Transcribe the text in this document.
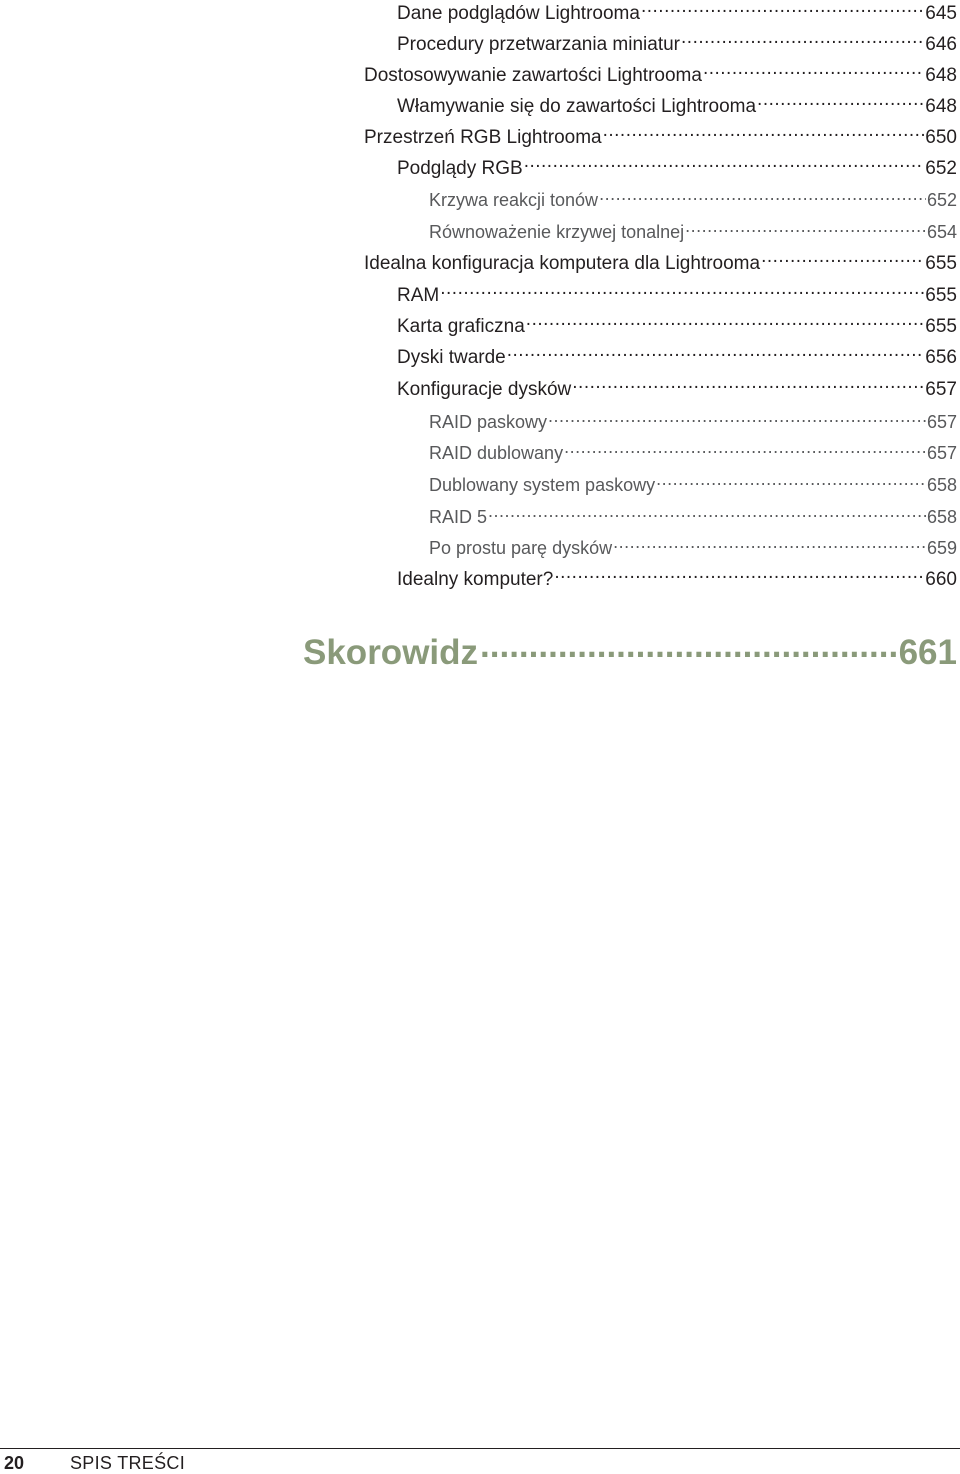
Dane podglądów Lightrooma .....	645
Procedury przetwarzania miniatur .....	646
Dostosowywanie zawartości Lightrooma .....	648
Włamywanie się do zawartości Lightrooma .....	648
Przestrzeń RGB Lightrooma .....	650
Podglądy RGB .....	652
Krzywa reakcji tonów .....	652
Równoważenie krzywej tonalnej .....	654
Idealna konfiguracja komputera dla Lightrooma .....	655
RAM .....	655
Karta graficzna .....	655
Dyski twarde .....	656
Konfiguracje dysków .....	657
RAID paskowy .....	657
RAID dublowany .....	657
Dublowany system paskowy .....	658
RAID 5 .....	658
Po prostu parę dysków .....	659
Idealny komputer? .....	660
Skorowidz .....	661
20	SPIS TREŚCI
